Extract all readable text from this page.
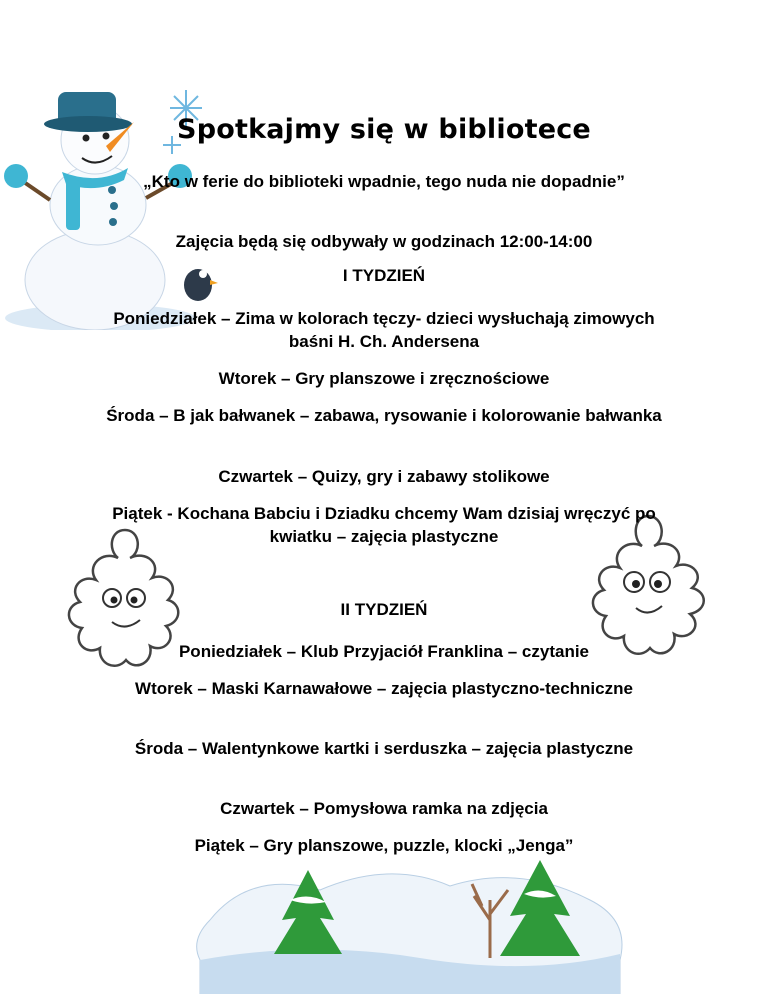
Spotkajmy się w bibliotece
„Kto w ferie do biblioteki wpadnie, tego nuda nie dopadnie”
Zajęcia będą się odbywały w godzinach 12:00-14:00
I TYDZIEŃ
Poniedziałek – Zima w kolorach tęczy- dzieci wysłuchają zimowych baśni H. Ch. Andersena
Wtorek – Gry planszowe i zręcznościowe
Środa – B jak bałwanek – zabawa, rysowanie i kolorowanie bałwanka
Czwartek – Quizy, gry i zabawy stolikowe
Piątek - Kochana Babciu i Dziadku chcemy Wam dzisiaj wręczyć po kwiatku – zajęcia plastyczne
II TYDZIEŃ
Poniedziałek – Klub Przyjaciół Franklina – czytanie
Wtorek – Maski Karnawałowe – zajęcia plastyczno-techniczne
Środa – Walentynkowe kartki i serduszka – zajęcia plastyczne
Czwartek – Pomysłowa ramka na zdjęcia
Piątek – Gry planszowe, puzzle, klocki „Jenga”
